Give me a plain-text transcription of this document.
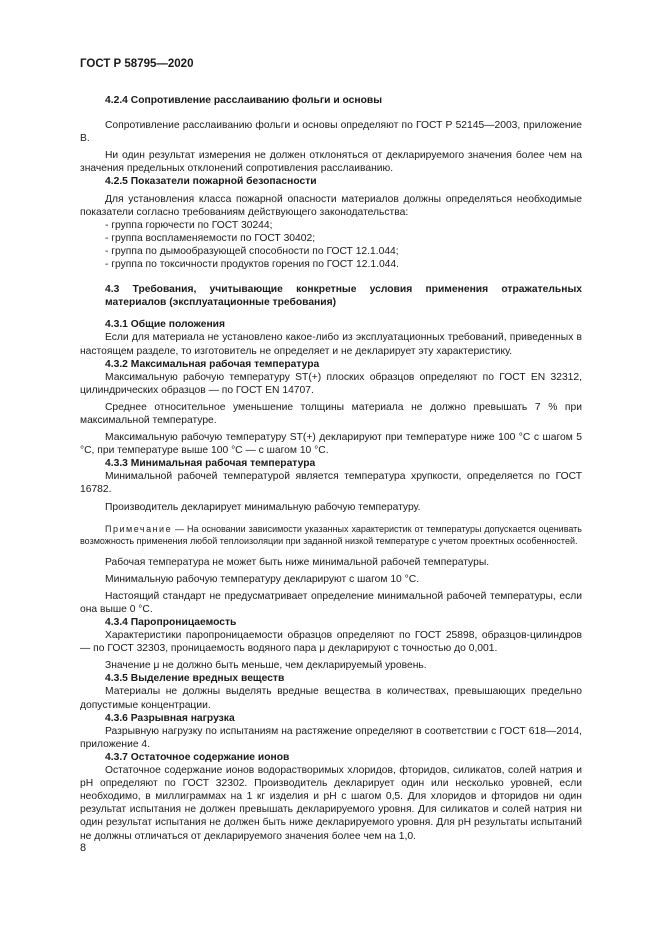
ГОСТ Р 58795—2020

4.2.4 Сопротивление расслаиванию фольги и основы

Сопротивление расслаиванию фольги и основы определяют по ГОСТ Р 52145—2003, приложение В.

Ни один результат измерения не должен отклоняться от декларируемого значения более чем на значения предельных отклонений сопротивления расслаиванию.

4.2.5 Показатели пожарной безопасности

Для установления класса пожарной опасности материалов должны определяться необходимые показатели согласно требованиям действующего законодательства:

- группа горючести по ГОСТ 30244;

- группа воспламеняемости по ГОСТ 30402;

- группа по дымообразующей способности по ГОСТ 12.1.044;

- группа по токсичности продуктов горения по ГОСТ 12.1.044.

4.3 Требования, учитывающие конкретные условия применения отражательных материалов (эксплуатационные требования)

4.3.1 Общие положения

Если для материала не установлено какое-либо из эксплуатационных требований, приведенных в настоящем разделе, то изготовитель не определяет и не декларирует эту характеристику.

4.3.2 Максимальная рабочая температура

Максимальную рабочую температуру ST(+) плоских образцов определяют по ГОСТ EN 32312, цилиндрических образцов — по ГОСТ EN 14707.

Среднее относительное уменьшение толщины материала не должно превышать 7 % при максимальной температуре.

Максимальную рабочую температуру ST(+) декларируют при температуре ниже 100 °С с шагом 5 °С, при температуре выше 100 °С — с шагом 10 °С.

4.3.3 Минимальная рабочая температура

Минимальной рабочей температурой является температура хрупкости, определяется по ГОСТ 16782.

Производитель декларирует минимальную рабочую температуру.

Примечание — На основании зависимости указанных характеристик от температуры допускается оценивать возможность применения любой теплоизоляции при заданной низкой температуре с учетом проектных особенностей.

Рабочая температура не может быть ниже минимальной рабочей температуры.

Минимальную рабочую температуру декларируют с шагом 10 °С.

Настоящий стандарт не предусматривает определение минимальной рабочей температуры, если она выше 0 °С.

4.3.4 Паропроницаемость

Характеристики паропроницаемости образцов определяют по ГОСТ 25898, образцов-цилиндров — по ГОСТ 32303, проницаемость водяного пара μ декларируют с точностью до 0,001.

Значение μ не должно быть меньше, чем декларируемый уровень.

4.3.5 Выделение вредных веществ

Материалы не должны выделять вредные вещества в количествах, превышающих предельно допустимые концентрации.

4.3.6 Разрывная нагрузка

Разрывную нагрузку по испытаниям на растяжение определяют в соответствии с ГОСТ 618—2014, приложение 4.

4.3.7 Остаточное содержание ионов

Остаточное содержание ионов водорастворимых хлоридов, фторидов, силикатов, солей натрия и рН определяют по ГОСТ 32302. Производитель декларирует один или несколько уровней, если необходимо, в миллиграммах на 1 кг изделия и рН с шагом 0,5. Для хлоридов и фторидов ни один результат испытания не должен превышать декларируемого уровня. Для силикатов и солей натрия ни один результат испытания не должен быть ниже декларируемого уровня. Для рН результаты испытаний не должны отличаться от декларируемого значения более чем на 1,0.

8
